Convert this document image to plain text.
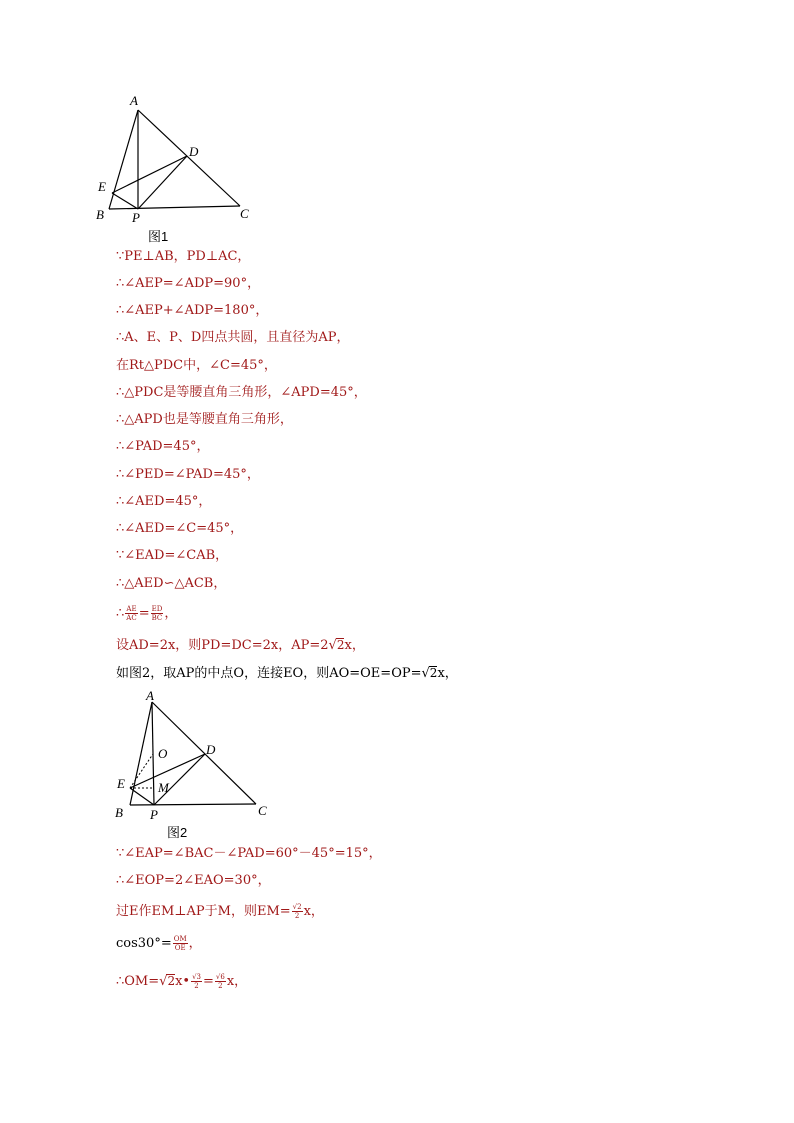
A
D
E
B P	C
图1
∵PE⊥AB，PD⊥AC，
∴∠AEP=∠ADP=90°，
∴∠AEP+∠ADP=180°，
∴A、E、P、D四点共圆，且直径为AP，
在Rt△PDC中，∠C=45°，
∴△PDC是等腰直角三角形，∠APD=45°，
∴△APD也是等腰直角三角形，
∴∠PAD=45°，
∴∠PED=∠PAD=45°，
∴∠AED=45°，
∴∠AED=∠C=45°，
∵∠EAD=∠CAB，
∴△AED∽△ACB，
∴ $\frac{AE}{AC} = \frac{ED}{BC}$ ，
设AD=2x，则PD=DC=2x，AP=2√2x，
如图2，取AP的中点O，连接EO，则AO=OE=OP=√2x，
A
O	D
E	M
B P	C
图2
∵∠EAP=∠BAC－∠PAD=60°－45°=15°，
∴∠EOP=2∠EAO=30°，
过E作EM⊥AP于M，则$EM= \frac{√2}{2}$ x，
$\cos 30^\circ= \frac{OM}{OE}$ ，
∴OM=√2x• $\frac{√3}{2} = \frac{√6}{2}$ x，
